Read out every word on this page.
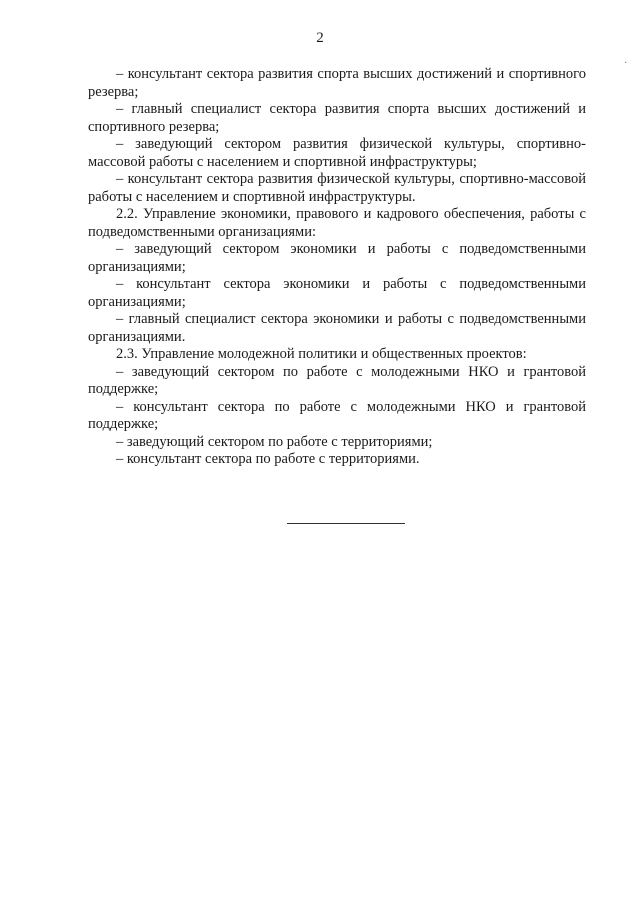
2
·

– консультант сектора развития спорта высших достижений и спортивного резерва;

– главный специалист сектора развития спорта высших достижений и спортивного резерва;

– заведующий сектором развития физической культуры, спортивно-массовой работы с населением и спортивной инфраструктуры;

– консультант сектора развития физической культуры, спортивно-массовой работы с населением и спортивной инфраструктуры.

2.2. Управление экономики, правового и кадрового обеспечения, работы с подведомственными организациями:

– заведующий сектором экономики и работы с подведомственными организациями;

– консультант сектора экономики и работы с подведомственными организациями;

– главный специалист сектора экономики и работы с подведомственными организациями.

2.3. Управление молодежной политики и общественных проектов:

– заведующий сектором по работе с молодежными НКО и грантовой поддержке;

– консультант сектора по работе с молодежными НКО и грантовой поддержке;

– заведующий сектором по работе с территориями;

– консультант сектора по работе с территориями.
